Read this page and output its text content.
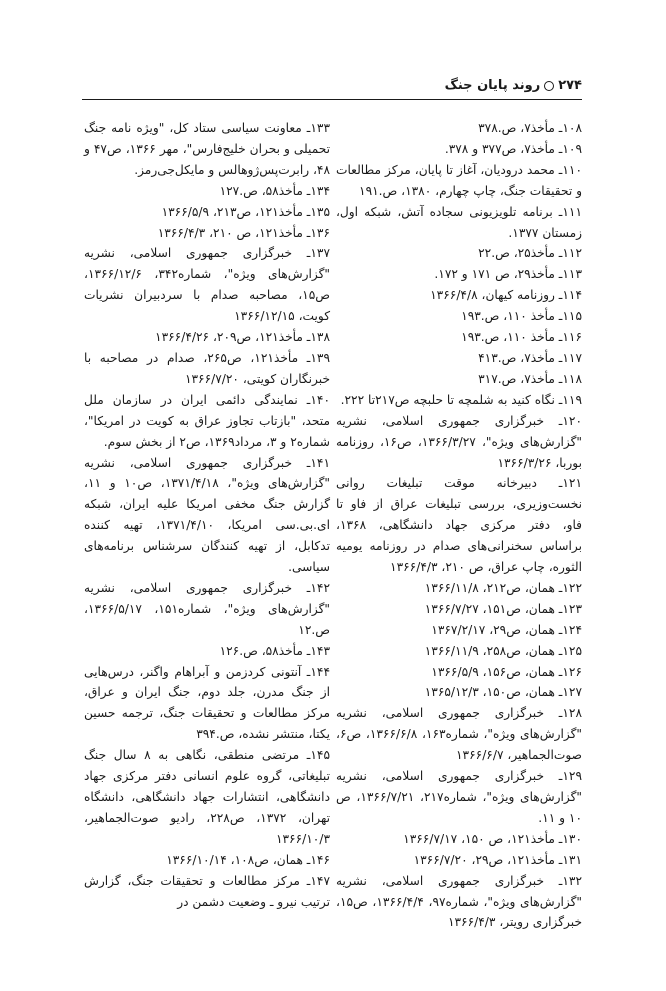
۲۷۴
روند پایان جنگ

۱۰۸ـ مأخذ۷، ص.۳۷۸

۱۰۹ـ مأخذ۷، ص۳۷۷ و ۳۷۸.

۱۱۰ـ محمد درودیان، آغاز تا پایان، مرکز مطالعات و تحقیقات جنگ، چاپ چهارم، ۱۳۸۰، ص.۱۹۱

۱۱۱ـ برنامه تلویزیونی سجاده آتش، شبکه اول، زمستان ۱۳۷۷.

۱۱۲ـ مأخذ۲۵، ص.۲۲

۱۱۳ـ مأخذ۲۹، ص ۱۷۱ و ۱۷۲.

۱۱۴ـ روزنامه کیهان، ۱۳۶۶/۴/۸

۱۱۵ـ مأخذ ۱۱۰، ص.۱۹۳

۱۱۶ـ مأخذ ۱۱۰، ص.۱۹۳

۱۱۷ـ مأخذ۷، ص.۴۱۳

۱۱۸ـ مأخذ۷، ص.۳۱۷

۱۱۹ـ نگاه کنید به شلمچه تا حلبچه ص۲۱۷تا ۲۲۲.

۱۲۰ـ خبرگزاری جمهوری اسلامی، نشریه "گزارش‌های ویژه"، ۱۳۶۶/۳/۲۷، ص۱۶، روزنامه بوربا، ۱۳۶۶/۳/۲۶

۱۲۱ـ دبیرخانه موقت تبلیغات روانی نخست‌وزیری، بررسی تبلیغات عراق از فاو تا فاو، دفتر مرکزی جهاد دانشگاهی، ۱۳۶۸، براساس سخنرانی‌های صدام در روزنامه یومیه الثوره، چاپ عراق، ص ۲۱۰، ۱۳۶۶/۴/۳

۱۲۲ـ همان، ص۲۱۲، ۱۳۶۶/۱۱/۸

۱۲۳ـ همان، ص۱۵۱، ۱۳۶۶/۷/۲۷

۱۲۴ـ همان، ص۲۹، ۱۳۶۷/۲/۱۷

۱۲۵ـ همان، ص۲۵۸، ۱۳۶۶/۱۱/۹

۱۲۶ـ همان، ص۱۵۶، ۱۳۶۶/۵/۹

۱۲۷ـ همان، ص۱۵۰، ۱۳۶۵/۱۲/۳

۱۲۸ـ خبرگزاری جمهوری اسلامی، نشریه "گزارش‌های ویژه"، شماره۱۶۳، ۱۳۶۶/۶/۸، ص۶، صوت‌الجماهیر، ۱۳۶۶/۶/۷

۱۲۹ـ خبرگزاری جمهوری اسلامی، نشریه "گزارش‌های ویژه"، شماره۲۱۷، ۱۳۶۶/۷/۲۱، ص ۱۰ و ۱۱.

۱۳۰ـ مأخذ۱۲۱، ص ۱۵۰، ۱۳۶۶/۷/۱۷

۱۳۱ـ مأخذ۱۲۱، ص۲۹، ۱۳۶۶/۷/۲۰

۱۳۲ـ خبرگزاری جمهوری اسلامی، نشریه "گزارش‌های ویژه"، شماره۹۷، ۱۳۶۶/۴/۴، ص۱۵، خبرگزاری رویتر، ۱۳۶۶/۴/۳

۱۳۳ـ معاونت سیاسی ستاد کل، "ویژه نامه جنگ تحمیلی و بحران خلیج‌فارس"، مهر ۱۳۶۶، ص۴۷ و ۴۸، رابرت‌پس‌ژوهالس و مایکل‌جی‌رمز.

۱۳۴ـ مأخذ۵۸، ص.۱۲۷

۱۳۵ـ مأخذ۱۲۱، ص۲۱۳، ۱۳۶۶/۵/۹

۱۳۶ـ مأخذ۱۲۱، ص ۲۱۰، ۱۳۶۶/۴/۳

۱۳۷ـ خبرگزاری جمهوری اسلامی، نشریه "گزارش‌های ویژه"، شماره۳۴۲، ۱۳۶۶/۱۲/۶، ص۱۵، مصاحبه صدام با سردبیران نشریات کویت، ۱۳۶۶/۱۲/۱۵

۱۳۸ـ مأخذ۱۲۱، ص۲۰۹، ۱۳۶۶/۴/۲۶

۱۳۹ـ مأخذ۱۲۱، ص۲۶۵، صدام در مصاحبه با خبرنگاران کویتی، ۱۳۶۶/۷/۲۰

۱۴۰ـ نمایندگی دائمی ایران در سازمان ملل متحد، "بازتاب تجاوز عراق به کویت در امریکا"، شماره۲ و ۳، مرداد۱۳۶۹، ص۲ از بخش سوم.

۱۴۱ـ خبرگزاری جمهوری اسلامی، نشریه "گزارش‌های ویژه"، ۱۳۷۱/۴/۱۸، ص۱۰ و ۱۱، گزارش جنگ مخفی امریکا علیه ایران، شبکه ای.بی.سی امریکا، ۱۳۷۱/۴/۱۰، تهیه کننده تدکابل، از تهیه کنندگان سرشناس برنامه‌های سیاسی.

۱۴۲ـ خبرگزاری جمهوری اسلامی، نشریه "گزارش‌های ویژه"، شماره۱۵۱، ۱۳۶۶/۵/۱۷، ص.۱۲

۱۴۳ـ مأخذ۵۸، ص.۱۲۶

۱۴۴ـ آنتونی کردزمن و آبراهام واگنر، درس‌هایی از جنگ مدرن، جلد دوم، جنگ ایران و عراق، مرکز مطالعات و تحقیقات جنگ، ترجمه حسین یکتا، منتشر نشده، ص.۳۹۴

۱۴۵ـ مرتضی منطقی، نگاهی به ۸ سال جنگ تبلیغاتی، گروه علوم انسانی دفتر مرکزی جهاد دانشگاهی، انتشارات جهاد دانشگاهی، دانشگاه تهران، ۱۳۷۲، ص۲۲۸، رادیو صوت‌الجماهیر، ۱۳۶۶/۱۰/۳

۱۴۶ـ همان، ص۱۰۸، ۱۳۶۶/۱۰/۱۴

۱۴۷ـ مرکز مطالعات و تحقیقات جنگ، گزارش ترتیب نیرو ـ وضعیت دشمن در
